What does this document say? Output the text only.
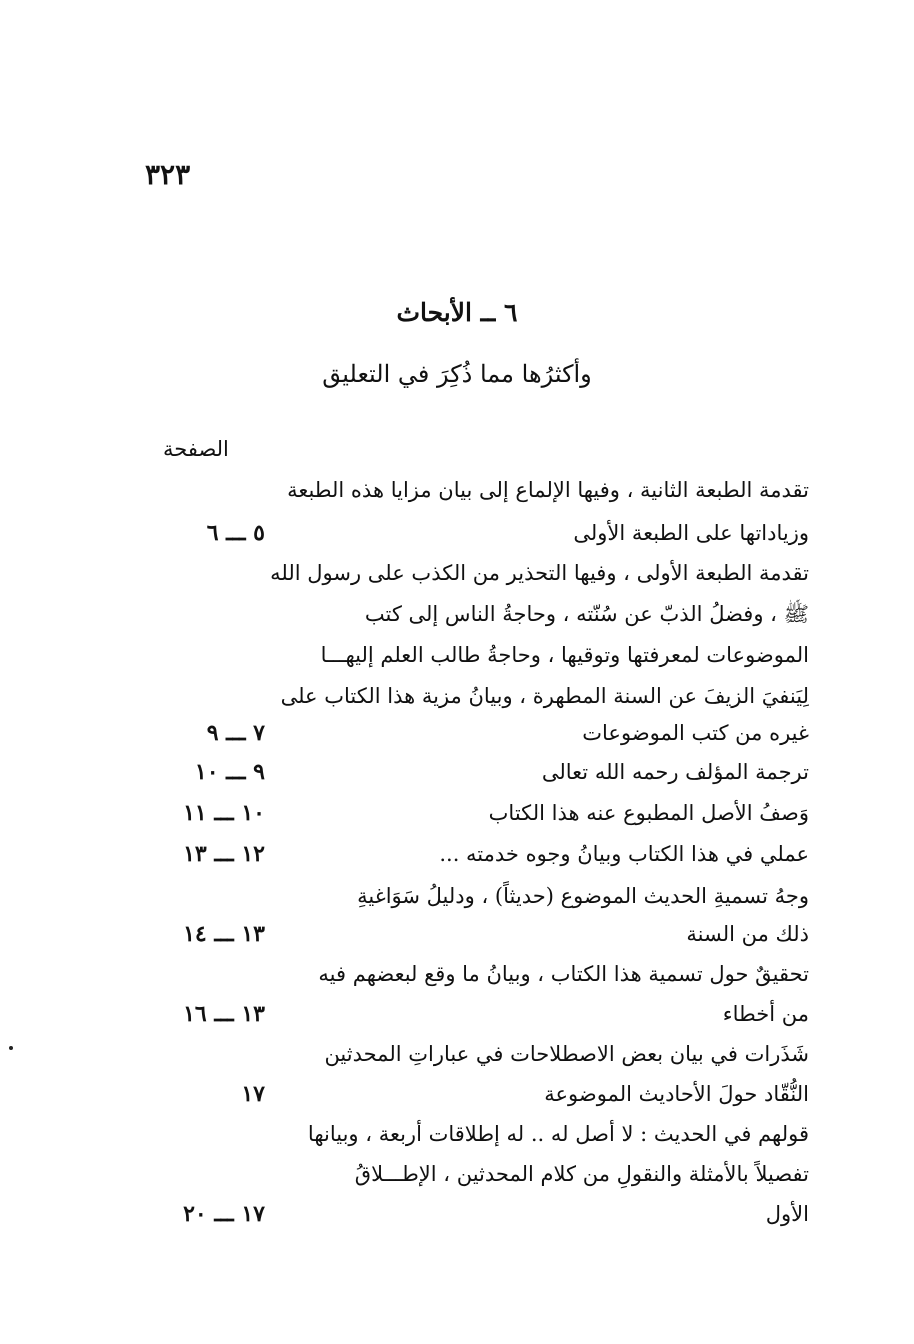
٣٢٣
٦ ــ الأبحاث
وأكثرُها مما ذُكِرَ في التعليق
الصفحة
تقدمة الطبعة الثانية ، وفيها الإلماع إلى بيان مزايا هذه الطبعة
وزياداتها على الطبعة الأولى
٥ ـــ ٦
تقدمة الطبعة الأولى ، وفيها التحذير من الكذب على رسول الله
ﷺ ، وفضلُ الذبّ عن سُنّته ، وحاجةُ الناس إلى كتب
الموضوعات لمعرفتها وتوقيها ، وحاجةُ طالب العلم إليهـــا
لِيَنفيَ الزيفَ عن السنة المطهرة ، وبيانُ مزية هذا الكتاب على
غيره من كتب الموضوعات
٧ ـــ ٩
ترجمة المؤلف رحمه الله تعالى
٩ ـــ ١٠
وَصفُ الأصل المطبوع عنه هذا الكتاب
١٠ ـــ ١١
عملي في هذا الكتاب وبيانُ وجوه خدمته ...
١٢ ـــ ١٣
وجهُ تسميةِ الحديث الموضوع (حديثاً) ، ودليلُ سَوَاغيةِ
ذلك من السنة
١٣ ـــ ١٤
تحقيقٌ حول تسمية هذا الكتاب ، وبيانُ ما وقع لبعضهم فيه
من أخطاء
١٣ ـــ ١٦
شَذَرات في بيان بعض الاصطلاحات في عباراتِ المحدثين
النُّقّاد حولَ الأحاديث الموضوعة
١٧
قولهم في الحديث : لا أصل له .. له إطلاقات أربعة ، وبيانها
تفصيلاً بالأمثلة والنقولِ من كلام المحدثين ، الإطـــلاقُ
الأول
١٧ ـــ ٢٠
